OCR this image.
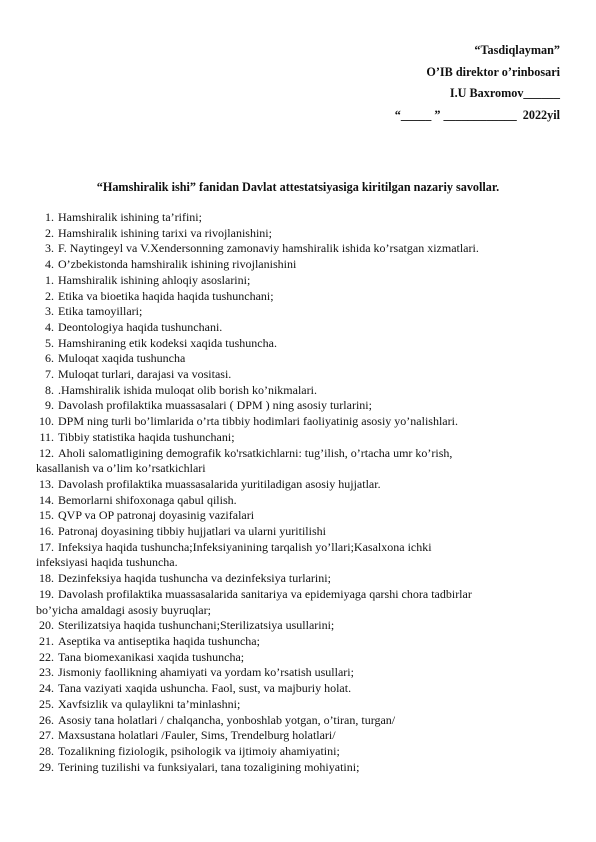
“Tasdiqlayman”
O’IB direktor o’rinbosari
I.U Baxromov______
“_____ ” ____________  2022yil
“Hamshiralik ishi” fanidan Davlat attestatsiyasiga kiritilgan nazariy savollar.
1. Hamshiralik ishining ta’rifini;
2. Hamshiralik ishining tarixi va rivojlanishini;
3. F. Naytingeyl va V.Xendersonning zamonaviy hamshiralik ishida ko’rsatgan xizmatlari.
4. O’zbekistonda hamshiralik ishining rivojlanishini
1. Hamshiralik ishining ahloqiy asoslarini;
2. Etika va bioetika haqida haqida tushunchani;
3. Etika tamoyillari;
4. Deontologiya haqida tushunchani.
5. Hamshiraning etik kodeksi xaqida tushuncha.
6. Muloqat xaqida tushuncha
7. Muloqat turlari, darajasi va vositasi.
8. .Hamshiralik ishida muloqat olib borish ko’nikmalari.
9. Davolash profilaktika muassasalari ( DPM ) ning asosiy turlarini;
10. DPM ning turli bo’limlarida o’rta tibbiy hodimlari faoliyatinig asosiy yo’nalishlari.
11. Tibbiy statistika haqida tushunchani;
12. Aholi salomatligining demografik ko'rsatkichlarni: tug’ilish, o’rtacha umr ko’rish,
kasallanish va o’lim ko’rsatkichlari
13. Davolash profilaktika muassasalarida yuritiladigan asosiy hujjatlar.
14. Bemorlarni shifoxonaga qabul qilish.
15. QVP va OP patronaj doyasinig vazifalari
16. Patronaj doyasining tibbiy hujjatlari va ularni yuritilishi
17. Infeksiya haqida tushuncha;Infeksiyanining tarqalish yo’llari;Kasalxona ichki
infeksiyasi haqida tushuncha.
18. Dezinfeksiya haqida tushuncha va dezinfeksiya turlarini;
19. Davolash profilaktika muassasalarida sanitariya va epidemiyaga qarshi chora tadbirlar
bo’yicha amaldagi asosiy buyruqlar;
20. Sterilizatsiya haqida tushunchani;Sterilizatsiya usullarini;
21. Aseptika va antiseptika haqida tushuncha;
22. Tana biomexanikasi xaqida tushuncha;
23. Jismoniy faollikning ahamiyati va yordam ko’rsatish usullari;
24. Tana vaziyati xaqida ushuncha. Faol, sust, va majburiy holat.
25. Xavfsizlik va qulaylikni ta’minlashni;
26. Asosiy tana holatlari / chalqancha, yonboshlab yotgan, o’tiran, turgan/
27. Maxsustana holatlari /Fauler, Sims, Trendelburg holatlari/
28. Tozalikning fiziologik, psihologik va ijtimoiy ahamiyatini;
29. Terining tuzilishi va funksiyalari, tana tozaligining mohiyatini;
